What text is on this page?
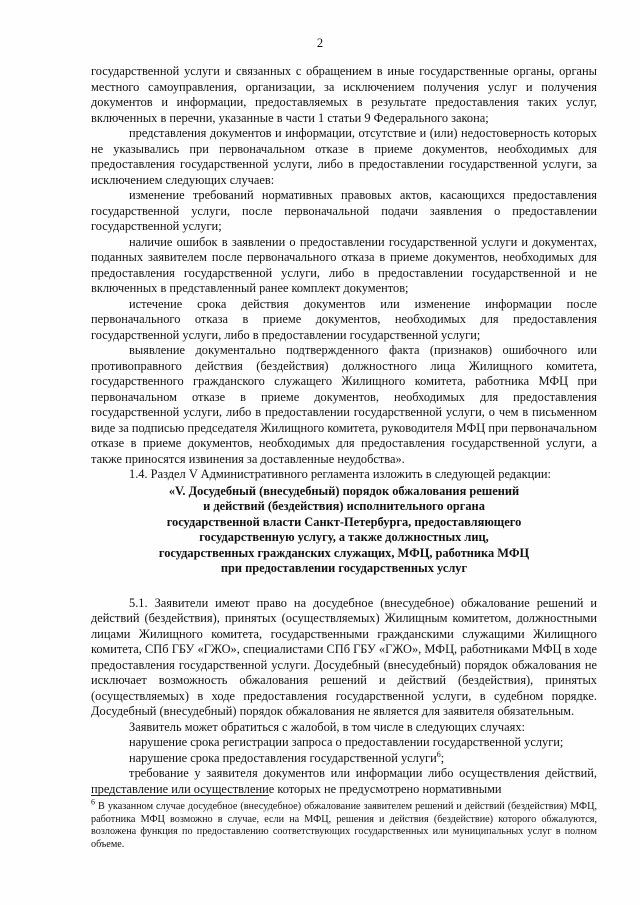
2

государственной услуги и связанных с обращением в иные государственные органы, органы местного самоуправления, организации, за исключением получения услуг и получения документов и информации, предоставляемых в результате предоставления таких услуг, включенных в перечни, указанные в части 1 статьи 9 Федерального закона;

представления документов и информации, отсутствие и (или) недостоверность которых не указывались при первоначальном отказе в приеме документов, необходимых для предоставления государственной услуги, либо в предоставлении государственной услуги, за исключением следующих случаев:

изменение требований нормативных правовых актов, касающихся предоставления государственной услуги, после первоначальной подачи заявления о предоставлении государственной услуги;

наличие ошибок в заявлении о предоставлении государственной услуги и документах, поданных заявителем после первоначального отказа в приеме документов, необходимых для предоставления государственной услуги, либо в предоставлении государственной и не включенных в представленный ранее комплект документов;

истечение срока действия документов или изменение информации после первоначального отказа в приеме документов, необходимых для предоставления государственной услуги, либо в предоставлении государственной услуги;

выявление документально подтвержденного факта (признаков) ошибочного или противоправного действия (бездействия) должностного лица Жилищного комитета, государственного гражданского служащего Жилищного комитета, работника МФЦ при первоначальном отказе в приеме документов, необходимых для предоставления государственной услуги, либо в предоставлении государственной услуги, о чем в письменном виде за подписью председателя Жилищного комитета, руководителя МФЦ при первоначальном отказе в приеме документов, необходимых для предоставления государственной услуги, а также приносятся извинения за доставленные неудобства».

1.4. Раздел V Административного регламента изложить в следующей редакции:

«V. Досудебный (внесудебный) порядок обжалования решений
и действий (бездействия) исполнительного органа
государственной власти Санкт-Петербурга, предоставляющего
государственную услугу, а также должностных лиц,
государственных гражданских служащих, МФЦ, работника МФЦ
при предоставлении государственных услуг

5.1. Заявители имеют право на досудебное (внесудебное) обжалование решений и действий (бездействия), принятых (осуществляемых) Жилищным комитетом, должностными лицами Жилищного комитета, государственными гражданскими служащими Жилищного комитета, СПб ГБУ «ГЖО», специалистами СПб ГБУ «ГЖО», МФЦ, работниками МФЦ в ходе предоставления государственной услуги. Досудебный (внесудебный) порядок обжалования не исключает возможность обжалования решений и действий (бездействия), принятых (осуществляемых) в ходе предоставления государственной услуги, в судебном порядке. Досудебный (внесудебный) порядок обжалования не является для заявителя обязательным.

Заявитель может обратиться с жалобой, в том числе в следующих случаях:

нарушение срока регистрации запроса о предоставлении государственной услуги;

нарушение срока предоставления государственной услуги$^6$;

требование у заявителя документов или информации либо осуществления действий, представление или осуществление которых не предусмотрено нормативными

$^6$ В указанном случае досудебное (внесудебное) обжалование заявителем решений и действий (бездействия) МФЦ, работника МФЦ возможно в случае, если на МФЦ, решения и действия (бездействие) которого обжалуются, возложена функция по предоставлению соответствующих государственных или муниципальных услуг в полном объеме.
